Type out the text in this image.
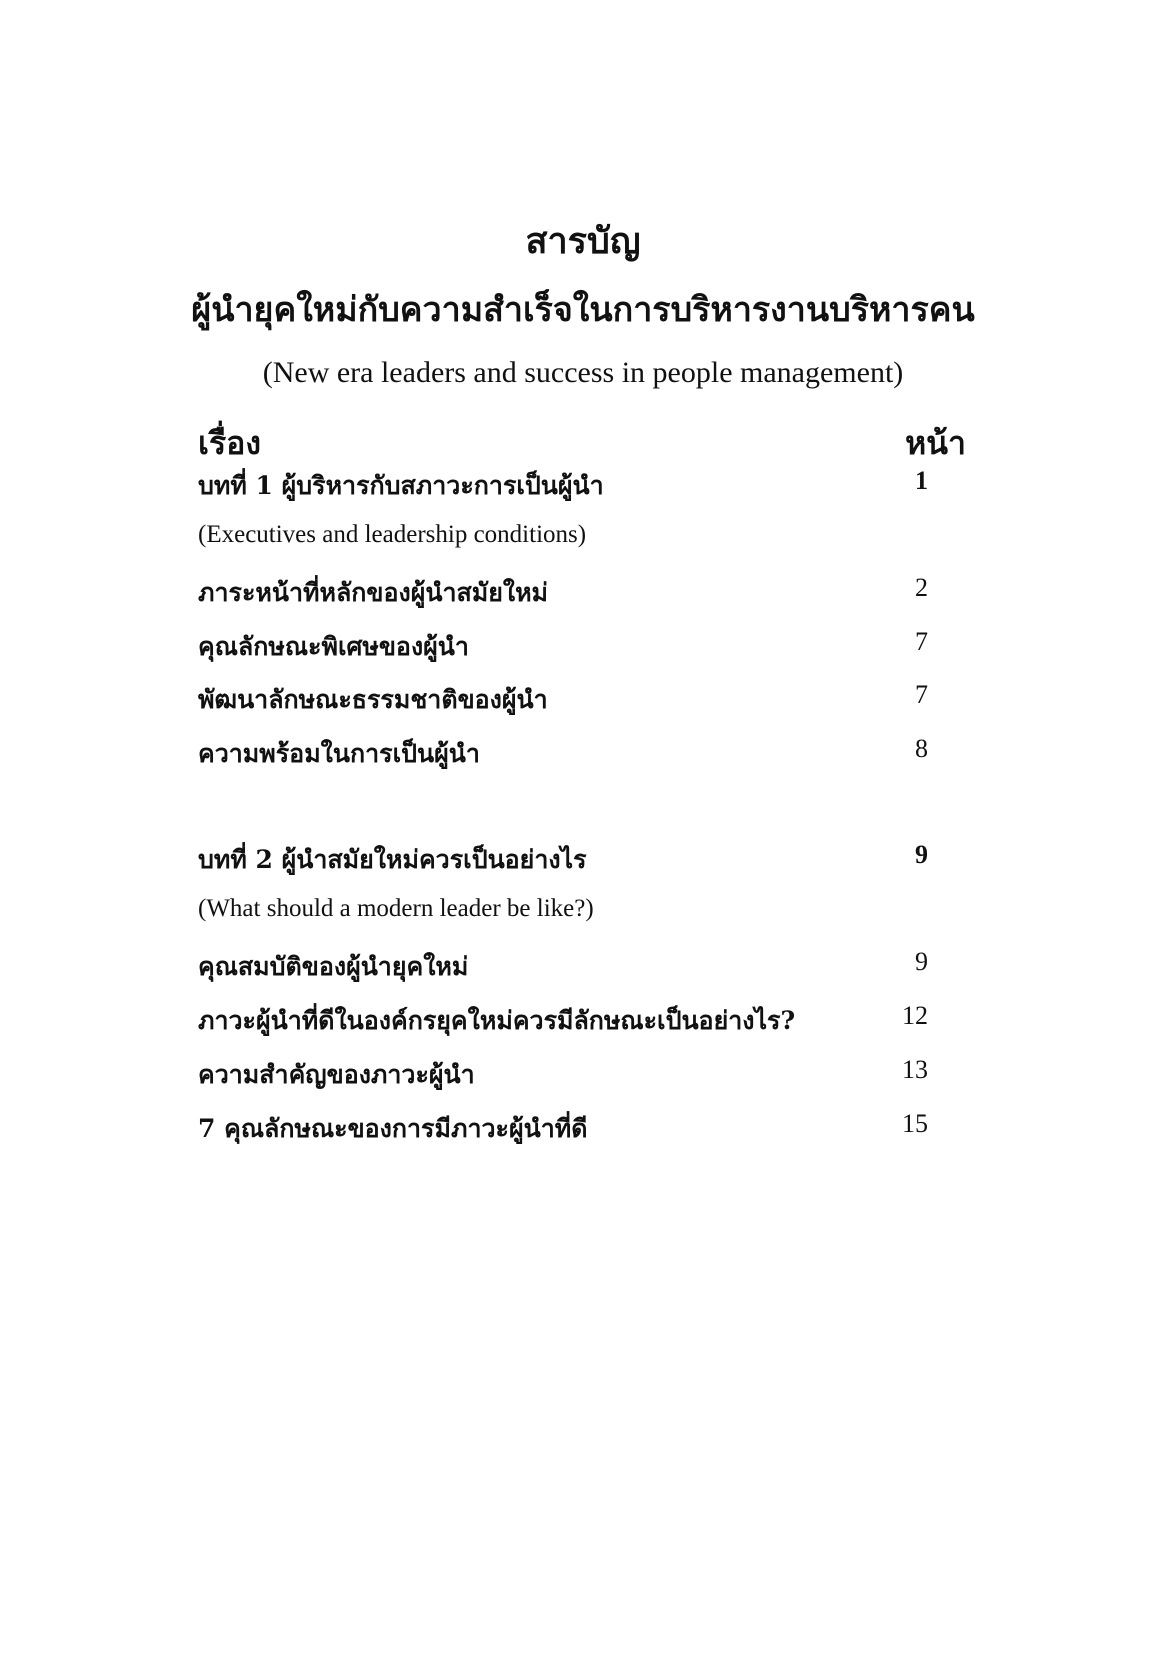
สารบัญ
ผู้นำยุคใหม่กับความสำเร็จในการบริหารงานบริหารคน
(New era leaders and success in people management)
เรื่อง	หน้า
บทที่ 1 ผู้บริหารกับสภาวะการเป็นผู้นำ	1
(Executives and leadership conditions)
ภาระหน้าที่หลักของผู้นำสมัยใหม่	2
คุณลักษณะพิเศษของผู้นำ	7
พัฒนาลักษณะธรรมชาติของผู้นำ	7
ความพร้อมในการเป็นผู้นำ	8
บทที่ 2 ผู้นำสมัยใหม่ควรเป็นอย่างไร	9
(What should a modern leader be like?)
คุณสมบัติของผู้นำยุคใหม่	9
ภาวะผู้นำที่ดีในองค์กรยุคใหม่ควรมีลักษณะเป็นอย่างไร?	12
ความสำคัญของภาวะผู้นำ	13
7 คุณลักษณะของการมีภาวะผู้นำที่ดี	15
